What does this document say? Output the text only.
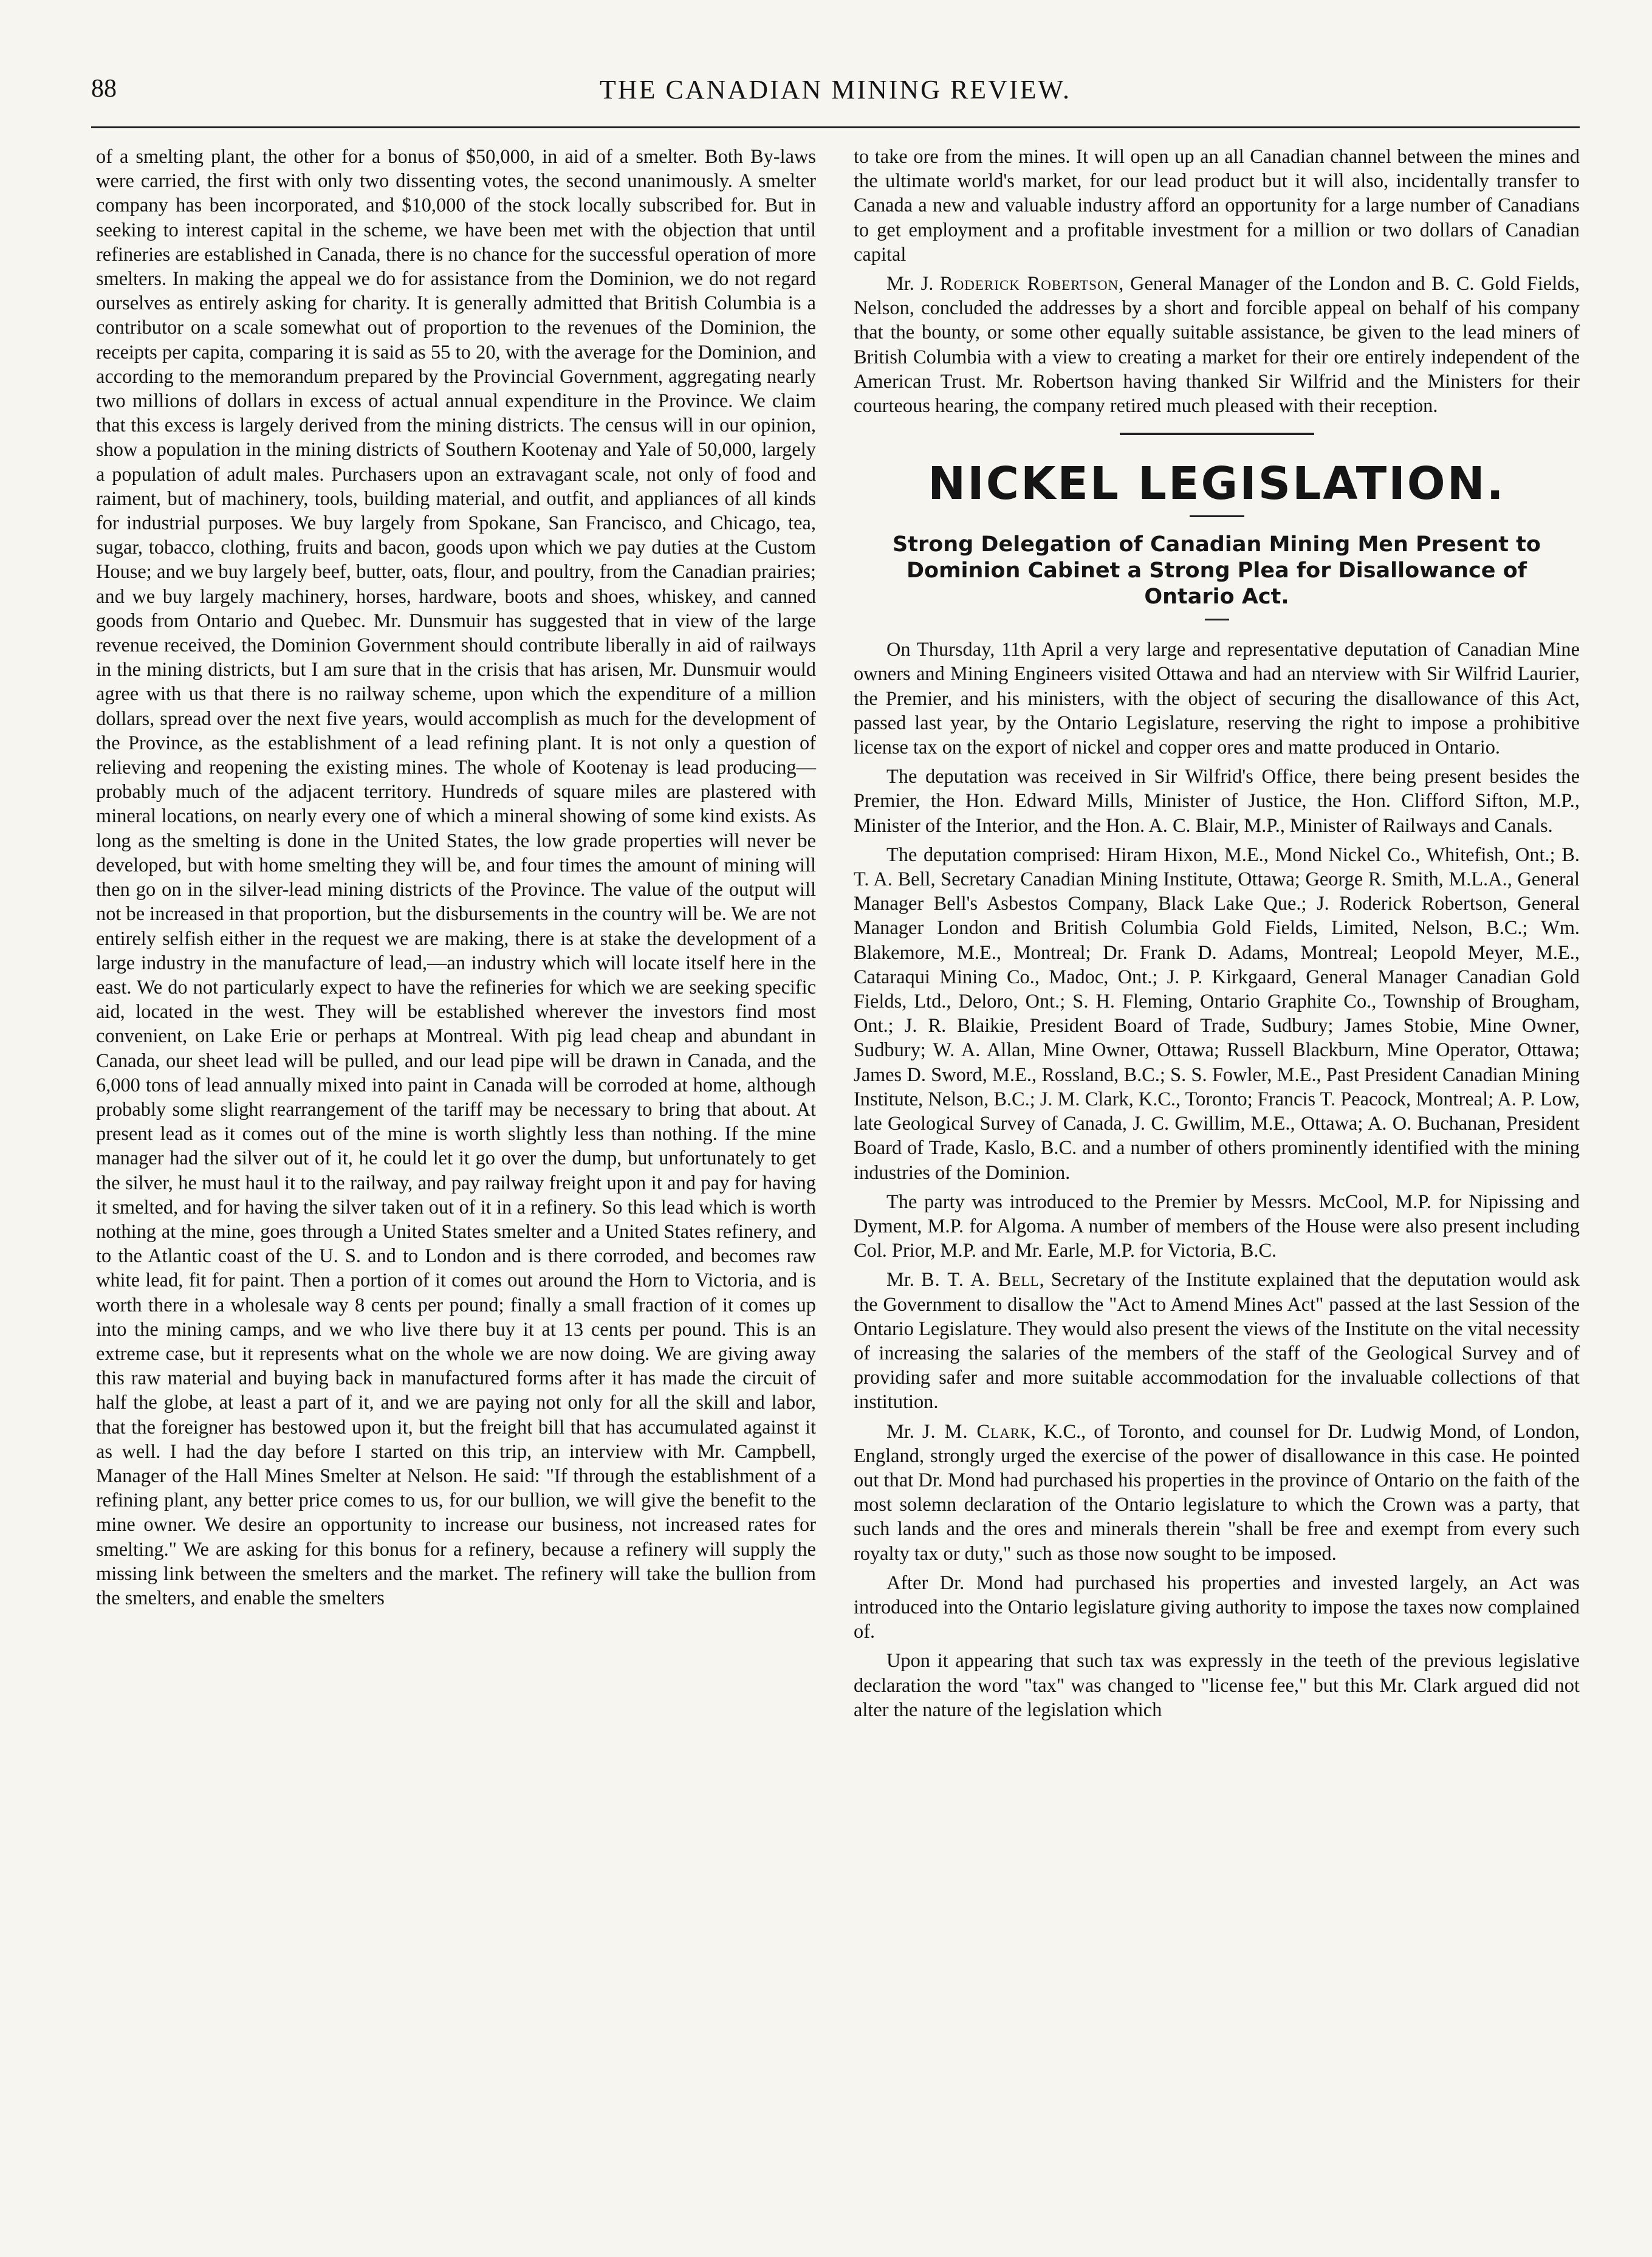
88	THE CANADIAN MINING REVIEW.

of a smelting plant, the other for a bonus of $50,000, in aid of a smelter. Both By-laws were carried, the first with only two dissenting votes, the second unanimously. A smelter company has been incorporated, and $10,000 of the stock locally subscribed for. But in seeking to interest capital in the scheme, we have been met with the objection that until refineries are established in Canada, there is no chance for the successful operation of more smelters. In making the appeal we do for assistance from the Dominion, we do not regard ourselves as entirely asking for charity. It is generally admitted that British Columbia is a contributor on a scale somewhat out of proportion to the revenues of the Dominion, the receipts per capita, comparing it is said as 55 to 20, with the average for the Dominion, and according to the memorandum prepared by the Provincial Government, aggregating nearly two millions of dollars in excess of actual annual expenditure in the Province. We claim that this excess is largely derived from the mining districts. The census will in our opinion, show a population in the mining districts of Southern Kootenay and Yale of 50,000, largely a population of adult males. Purchasers upon an extravagant scale, not only of food and raiment, but of machinery, tools, building material, and outfit, and appliances of all kinds for industrial purposes. We buy largely from Spokane, San Francisco, and Chicago, tea, sugar, tobacco, clothing, fruits and bacon, goods upon which we pay duties at the Custom House; and we buy largely beef, butter, oats, flour, and poultry, from the Canadian prairies; and we buy largely machinery, horses, hardware, boots and shoes, whiskey, and canned goods from Ontario and Quebec. Mr. Dunsmuir has suggested that in view of the large revenue received, the Dominion Government should contribute liberally in aid of railways in the mining districts, but I am sure that in the crisis that has arisen, Mr. Dunsmuir would agree with us that there is no railway scheme, upon which the expenditure of a million dollars, spread over the next five years, would accomplish as much for the development of the Province, as the establishment of a lead refining plant. It is not only a question of relieving and reopening the existing mines. The whole of Kootenay is lead producing—probably much of the adjacent territory. Hundreds of square miles are plastered with mineral locations, on nearly every one of which a mineral showing of some kind exists. As long as the smelting is done in the United States, the low grade properties will never be developed, but with home smelting they will be, and four times the amount of mining will then go on in the silver-lead mining districts of the Province. The value of the output will not be increased in that proportion, but the disbursements in the country will be. We are not entirely selfish either in the request we are making, there is at stake the development of a large industry in the manufacture of lead,—an industry which will locate itself here in the east. We do not particularly expect to have the refineries for which we are seeking specific aid, located in the west. They will be established wherever the investors find most convenient, on Lake Erie or perhaps at Montreal. With pig lead cheap and abundant in Canada, our sheet lead will be pulled, and our lead pipe will be drawn in Canada, and the 6,000 tons of lead annually mixed into paint in Canada will be corroded at home, although probably some slight rearrangement of the tariff may be necessary to bring that about. At present lead as it comes out of the mine is worth slightly less than nothing. If the mine manager had the silver out of it, he could let it go over the dump, but unfortunately to get the silver, he must haul it to the railway, and pay railway freight upon it and pay for having it smelted, and for having the silver taken out of it in a refinery. So this lead which is worth nothing at the mine, goes through a United States smelter and a United States refinery, and to the Atlantic coast of the U. S. and to London and is there corroded, and becomes raw white lead, fit for paint. Then a portion of it comes out around the Horn to Victoria, and is worth there in a wholesale way 8 cents per pound; finally a small fraction of it comes up into the mining camps, and we who live there buy it at 13 cents per pound. This is an extreme case, but it represents what on the whole we are now doing. We are giving away this raw material and buying back in manufactured forms after it has made the circuit of half the globe, at least a part of it, and we are paying not only for all the skill and labor, that the foreigner has bestowed upon it, but the freight bill that has accumulated against it as well. I had the day before I started on this trip, an interview with Mr. Campbell, Manager of the Hall Mines Smelter at Nelson. He said: "If through the establishment of a refining plant, any better price comes to us, for our bullion, we will give the benefit to the mine owner. We desire an opportunity to increase our business, not increased rates for smelting." We are asking for this bonus for a refinery, because a refinery will supply the missing link between the smelters and the market. The refinery will take the bullion from the smelters, and enable the smelters

to take ore from the mines. It will open up an all Canadian channel between the mines and the ultimate world's market, for our lead product but it will also, incidentally transfer to Canada a new and valuable industry afford an opportunity for a large number of Canadians to get employment and a profitable investment for a million or two dollars of Canadian capital

Mr. J. Roderick Robertson, General Manager of the London and B. C. Gold Fields, Nelson, concluded the addresses by a short and forcible appeal on behalf of his company that the bounty, or some other equally suitable assistance, be given to the lead miners of British Columbia with a view to creating a market for their ore entirely independent of the American Trust. Mr. Robertson having thanked Sir Wilfrid and the Ministers for their courteous hearing, the company retired much pleased with their reception.

NICKEL LEGISLATION.
Strong Delegation of Canadian Mining Men Present to Dominion Cabinet a Strong Plea for Disallowance of Ontario Act.

On Thursday, 11th April a very large and representative deputation of Canadian Mine owners and Mining Engineers visited Ottawa and had an nterview with Sir Wilfrid Laurier, the Premier, and his ministers, with the object of securing the disallowance of this Act, passed last year, by the Ontario Legislature, reserving the right to impose a prohibitive license tax on the export of nickel and copper ores and matte produced in Ontario.

The deputation was received in Sir Wilfrid's Office, there being present besides the Premier, the Hon. Edward Mills, Minister of Justice, the Hon. Clifford Sifton, M.P., Minister of the Interior, and the Hon. A. C. Blair, M.P., Minister of Railways and Canals.

The deputation comprised: Hiram Hixon, M.E., Mond Nickel Co., Whitefish, Ont.; B. T. A. Bell, Secretary Canadian Mining Institute, Ottawa; George R. Smith, M.L.A., General Manager Bell's Asbestos Company, Black Lake Que.; J. Roderick Robertson, General Manager London and British Columbia Gold Fields, Limited, Nelson, B.C.; Wm. Blakemore, M.E., Montreal; Dr. Frank D. Adams, Montreal; Leopold Meyer, M.E., Cataraqui Mining Co., Madoc, Ont.; J. P. Kirkgaard, General Manager Canadian Gold Fields, Ltd., Deloro, Ont.; S. H. Fleming, Ontario Graphite Co., Township of Brougham, Ont.; J. R. Blaikie, President Board of Trade, Sudbury; James Stobie, Mine Owner, Sudbury; W. A. Allan, Mine Owner, Ottawa; Russell Blackburn, Mine Operator, Ottawa; James D. Sword, M.E., Rossland, B.C.; S. S. Fowler, M.E., Past President Canadian Mining Institute, Nelson, B.C.; J. M. Clark, K.C., Toronto; Francis T. Peacock, Montreal; A. P. Low, late Geological Survey of Canada, J. C. Gwillim, M.E., Ottawa; A. O. Buchanan, President Board of Trade, Kaslo, B.C. and a number of others prominently identified with the mining industries of the Dominion.

The party was introduced to the Premier by Messrs. McCool, M.P. for Nipissing and Dyment, M.P. for Algoma. A number of members of the House were also present including Col. Prior, M.P. and Mr. Earle, M.P. for Victoria, B.C.

Mr. B. T. A. Bell, Secretary of the Institute explained that the deputation would ask the Government to disallow the "Act to Amend Mines Act" passed at the last Session of the Ontario Legislature. They would also present the views of the Institute on the vital necessity of increasing the salaries of the members of the staff of the Geological Survey and of providing safer and more suitable accommodation for the invaluable collections of that institution.

Mr. J. M. Clark, K.C., of Toronto, and counsel for Dr. Ludwig Mond, of London, England, strongly urged the exercise of the power of disallowance in this case. He pointed out that Dr. Mond had purchased his properties in the province of Ontario on the faith of the most solemn declaration of the Ontario legislature to which the Crown was a party, that such lands and the ores and minerals therein "shall be free and exempt from every such royalty tax or duty," such as those now sought to be imposed.

After Dr. Mond had purchased his properties and invested largely, an Act was introduced into the Ontario legislature giving authority to impose the taxes now complained of.

Upon it appearing that such tax was expressly in the teeth of the previous legislative declaration the word "tax" was changed to "license fee," but this Mr. Clark argued did not alter the nature of the legislation which
